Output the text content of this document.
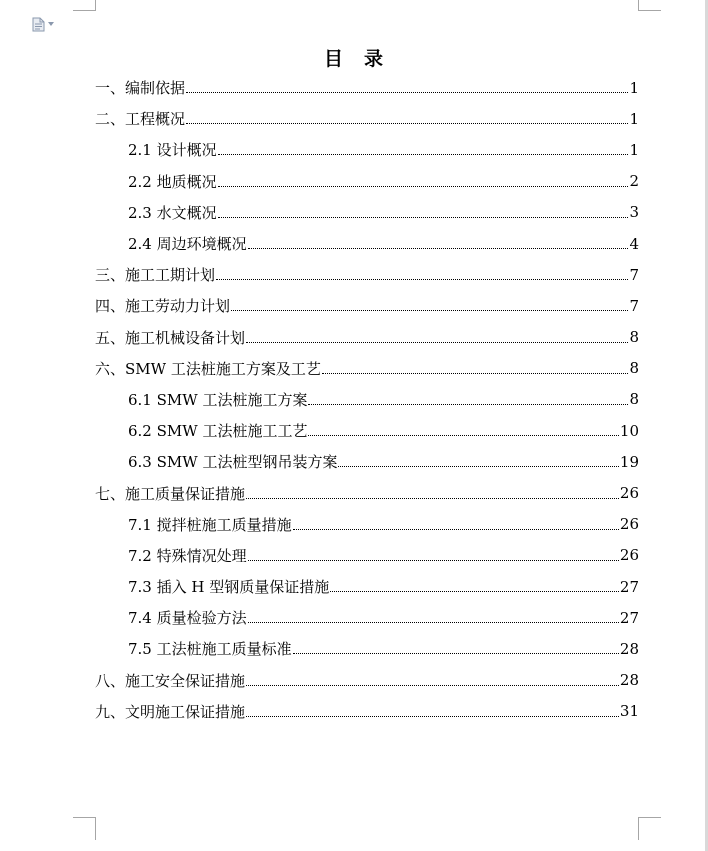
目　录
一、编制依据	1
二、工程概况	1
2.1 设计概况	1
2.2 地质概况	2
2.3 水文概况	3
2.4 周边环境概况	4
三、施工工期计划	7
四、施工劳动力计划	7
五、施工机械设备计划	8
六、SMW 工法桩施工方案及工艺	8
6.1 SMW 工法桩施工方案	8
6.2 SMW 工法桩施工工艺	10
6.3 SMW 工法桩型钢吊装方案	19
七、施工质量保证措施	26
7.1 搅拌桩施工质量措施	26
7.2 特殊情况处理	26
7.3 插入 H 型钢质量保证措施	27
7.4 质量检验方法	27
7.5 工法桩施工质量标准	28
八、施工安全保证措施	28
九、文明施工保证措施	31
